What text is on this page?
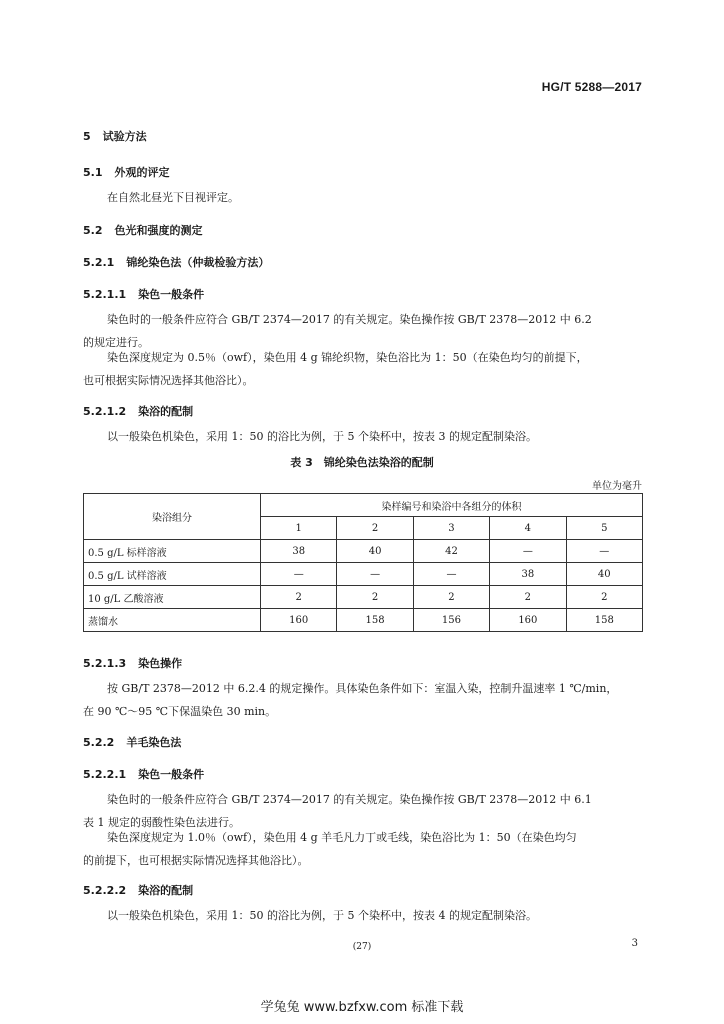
HG/T 5288—2017
5 试验方法
5.1 外观的评定
在自然北昼光下目视评定。
5.2 色光和强度的测定
5.2.1 锦纶染色法（仲裁检验方法）
5.2.1.1 染色一般条件
染色时的一般条件应符合 GB/T 2374—2017 的有关规定。染色操作按 GB/T 2378—2012 中 6.2
的规定进行。
染色深度规定为 0.5％（owf），染色用 4 g 锦纶织物，染色浴比为 1：50（在染色均匀的前提下，
也可根据实际情况选择其他浴比）。
5.2.1.2 染浴的配制
以一般染色机染色，采用 1：50 的浴比为例，于 5 个染杯中，按表 3 的规定配制染浴。
表 3　锦纶染色法染浴的配制
单位为毫升
染浴组分	染样编号和染浴中各组分的体积				
	1	2	3	4	5
0.5 g/L 标样溶液	38	40	42	—	—
0.5 g/L 试样溶液	—	—	—	38	40
10 g/L 乙酸溶液	2	2	2	2	2
蒸馏水	160	158	156	160	158
5.2.1.3 染色操作
按 GB/T 2378—2012 中 6.2.4 的规定操作。具体染色条件如下：室温入染，控制升温速率 1 ℃/min，
在 90 ℃～95 ℃下保温染色 30 min。
5.2.2 羊毛染色法
5.2.2.1 染色一般条件
染色时的一般条件应符合 GB/T 2374—2017 的有关规定。染色操作按 GB/T 2378—2012 中 6.1
表 1 规定的弱酸性染色法进行。
染色深度规定为 1.0％（owf），染色用 4 g 羊毛凡力丁或毛线，染色浴比为 1：50（在染色均匀
的前提下，也可根据实际情况选择其他浴比）。
5.2.2.2 染浴的配制
以一般染色机染色，采用 1：50 的浴比为例，于 5 个染杯中，按表 4 的规定配制染浴。
(27)	3
学兔兔 www.bzfxw.com 标准下载
